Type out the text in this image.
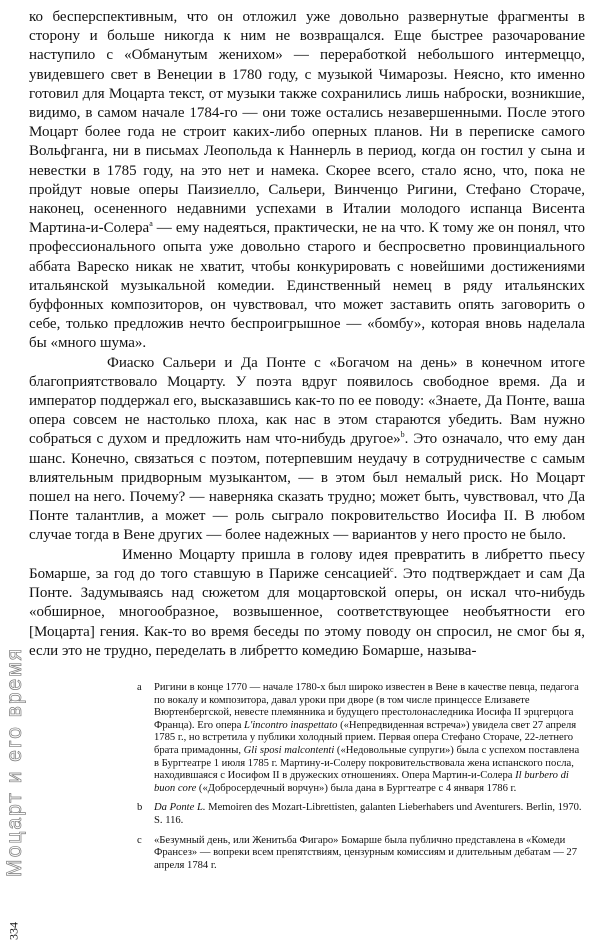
ко бесперспективным, что он отложил уже довольно развернутые фрагменты в сторону и больше никогда к ним не возвращался. Еще быстрее разочарование наступило с «Обманутым женихом» — переработкой небольшого интермеццо, увидевшего свет в Венеции в 1780 году, с музыкой Чимарозы. Неясно, кто именно готовил для Моцарта текст, от музыки также сохранились лишь наброски, возникшие, видимо, в самом начале 1784-го — они тоже остались незавершенными. После этого Моцарт более года не строит каких-либо оперных планов. Ни в переписке самого Вольфганга, ни в письмах Леопольда к Наннерль в период, когда он гостил у сына и невестки в 1785 году, на это нет и намека. Скорее всего, стало ясно, что, пока не пройдут новые оперы Паизиелло, Сальери, Винченцо Ригини, Стефано Сторачe, наконец, осененного недавними успехами в Италии молодого испанца Висента Мартина-и-Солера$^a$ — ему надеяться, практически, не на что. К тому же он понял, что профессионального опыта уже довольно старого и беспросветно провинциального аббата Вареско никак не хватит, чтобы конкурировать с новейшими достижениями итальянской музыкальной комедии. Единственный немец в ряду итальянских буффонных композиторов, он чувствовал, что может заставить опять заговорить о себе, только предложив нечто беспроигрышное — «бомбу», которая вновь наделала бы «много шума».

Фиаско Сальери и Да Понте с «Богачом на день» в конечном итоге благоприятствовало Моцарту. У поэта вдруг появилось свободное время. Да и император поддержал его, высказавшись как-то по ее поводу: «Знаете, Да Понте, ваша опера совсем не настолько плоха, как нас в этом стараются убедить. Вам нужно собраться с духом и предложить нам что-нибудь другое»$^b$. Это означало, что ему дан шанс. Конечно, связаться с поэтом, потерпевшим неудачу в сотрудничестве с самым влиятельным придворным музыкантом, — в этом был немалый риск. Но Моцарт пошел на него. Почему? — наверняка сказать трудно; может быть, чувствовал, что Да Понте талантлив, а может — роль сыграло покровительство Иосифа II. В любом случае тогда в Вене других — более надежных — вариантов у него просто не было.

Именно Моцарту пришла в голову идея превратить в либретто пьесу Бомарше, за год до того ставшую в Париже сенсацией$^c$. Это подтверждает и сам Да Понте. Задумываясь над сюжетом для моцартовской оперы, он искал что-нибудь «обширное, многообразное, возвышенное, соответствующее необъятности его [Моцарта] гения. Как-то во время беседы по этому поводу он спросил, не смог бы я, если это не трудно, переделать в либретто комедию Бомарше, называ-

a Ригини в конце 1770 — начале 1780-х был широко известен в Вене в качестве певца, педагога по вокалу и композитора, давал уроки при дворе (в том числе принцессе Елизавете Вюртенбергской, невесте племянника и будущего престолонаследника Иосифа II эрцгерцога Франца). Его опера L'incontro inaspettato («Непредвиденная встреча») увидела свет 27 апреля 1785 г., но встретила у публики холодный прием. Первая опера Стефано Сторачe, 22-летнего брата примадонны, Gli sposi malcontenti («Недовольные супруги») была с успехом поставлена в Бургтеатре 1 июля 1785 г. Мартину-и-Солеру покровительствовала жена испанского посла, находившаяся с Иосифом II в дружеских отношениях. Опера Мартин-и-Солера Il burbero di buon core («Добросердечный ворчун») была дана в Бургтеатре с 4 января 1786 г.
b Da Ponte L. Memoiren des Mozart-Librettisten, galanten Lieberhabers und Aventurers. Berlin, 1970. S. 116.
c «Безумный день, или Женитьба Фигаро» Бомарше была публично представлена в «Комеди Франсез» — вопреки всем препятствиям, цензурным комиссиям и длительным дебатам — 27 апреля 1784 г.
Моцарт и его время
334
